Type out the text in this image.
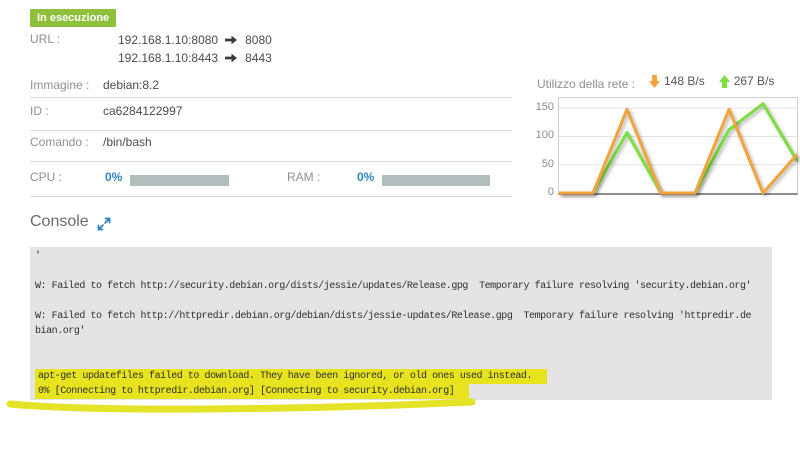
In esecuzione
URL :	192.168.1.10:8080 8080
192.168.1.10:8443 8443
Immagine : debian:8.2
ID :	ca6284122997
Comando : /bin/bash
CPU :	0%	RAM :	0%
Utilizzo della rete : 148 B/s 267 B/s
0
50
100
150
Console
'

W: Failed to fetch http://security.debian.org/dists/jessie/updates/Release.gpg  Temporary failure resolving 'security.debian.org'

W: Failed to fetch http://httpredir.debian.org/debian/dists/jessie-updates/Release.gpg  Temporary failure resolving 'httpredir.de
bian.org'

apt-get updatefiles failed to download. They have been ignored, or old ones used instead.
0% [Connecting to httpredir.debian.org] [Connecting to security.debian.org]
